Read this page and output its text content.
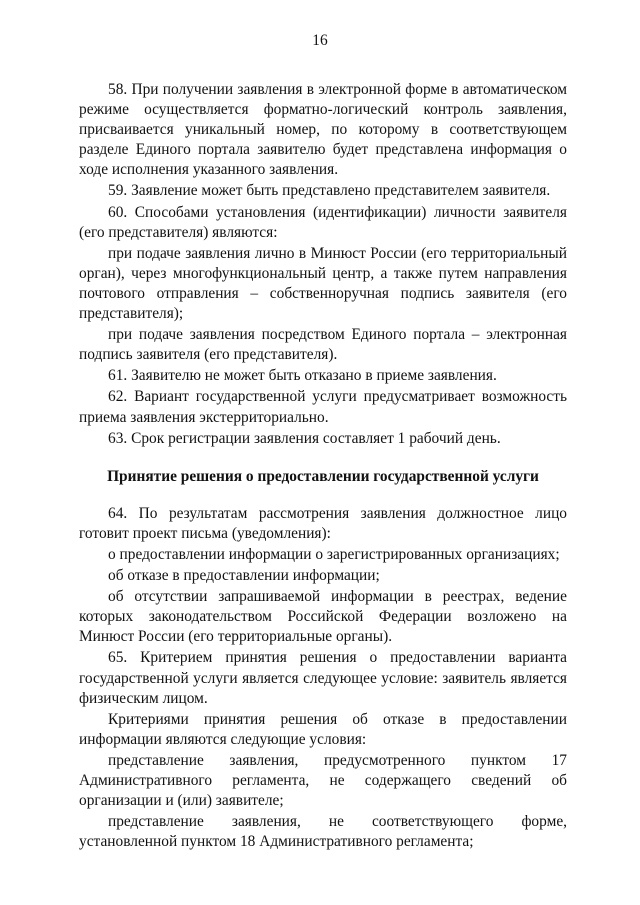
16

58. При получении заявления в электронной форме в автоматическом режиме осуществляется форматно-логический контроль заявления, присваивается уникальный номер, по которому в соответствующем разделе Единого портала заявителю будет представлена информация о ходе исполнения указанного заявления.

59. Заявление может быть представлено представителем заявителя.

60. Способами установления (идентификации) личности заявителя (его представителя) являются:

при подаче заявления лично в Минюст России (его территориальный орган), через многофункциональный центр, а также путем направления почтового отправления – собственноручная подпись заявителя (его представителя);

при подаче заявления посредством Единого портала – электронная подпись заявителя (его представителя).

61. Заявителю не может быть отказано в приеме заявления.

62. Вариант государственной услуги предусматривает возможность приема заявления экстерриториально.

63. Срок регистрации заявления составляет 1 рабочий день.

Принятие решения о предоставлении государственной услуги

64. По результатам рассмотрения заявления должностное лицо готовит проект письма (уведомления):

о предоставлении информации о зарегистрированных организациях;

об отказе в предоставлении информации;

об отсутствии запрашиваемой информации в реестрах, ведение которых законодательством Российской Федерации возложено на Минюст России (его территориальные органы).

65. Критерием принятия решения о предоставлении варианта государственной услуги является следующее условие: заявитель является физическим лицом.

Критериями принятия решения об отказе в предоставлении информации являются следующие условия:

представление заявления, предусмотренного пунктом 17 Административного регламента, не содержащего сведений об организации и (или) заявителе;

представление заявления, не соответствующего форме, установленной пунктом 18 Административного регламента;
